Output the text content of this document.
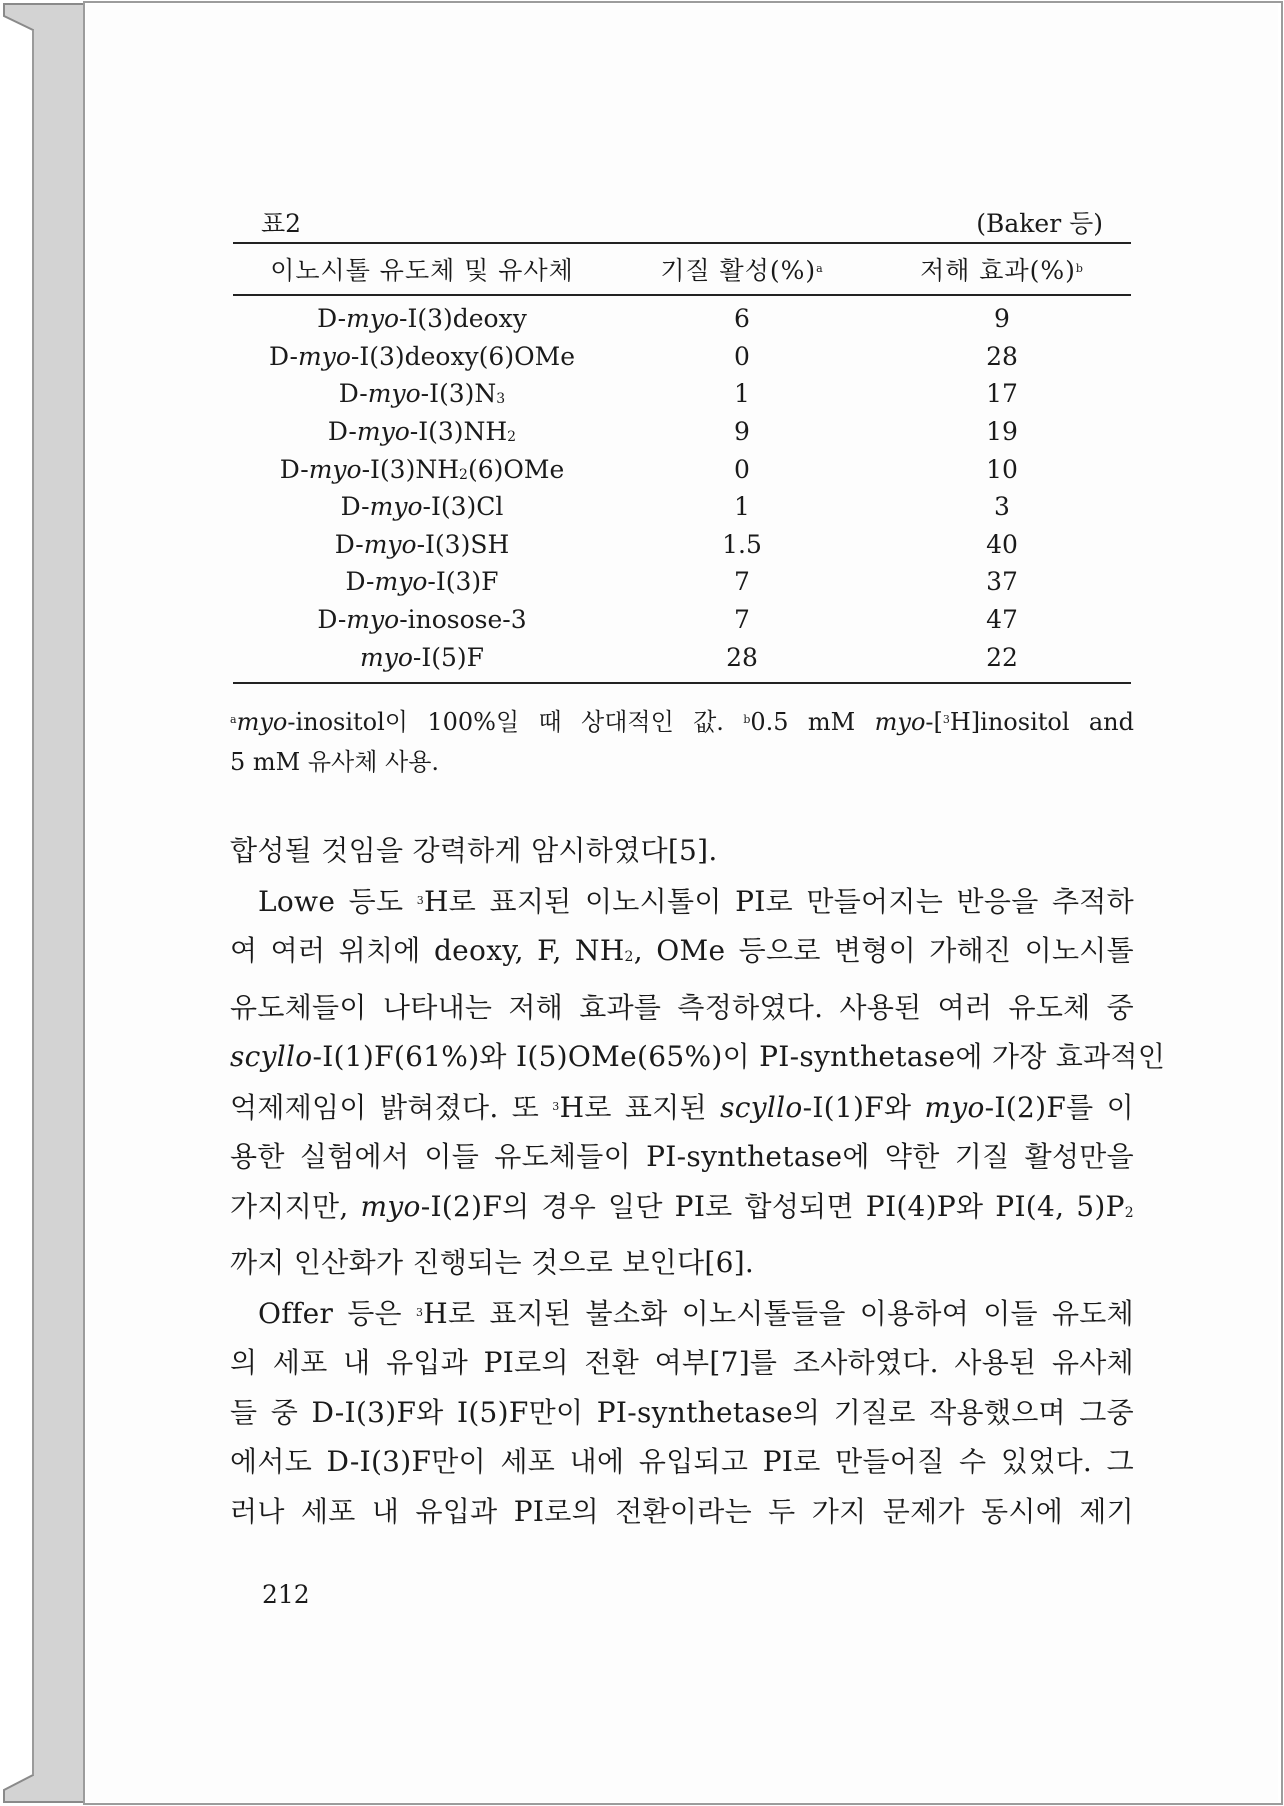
표2	(Baker 등)
이노시톨 유도체 및 유사체	기질 활성(%)$^a$	저해 효과(%)$^b$
D-myo-I(3)deoxy	6	9
D-myo-I(3)deoxy(6)OMe	0	28
$D-myo-I(3)N_3$	1	17
$D-myo-I(3)NH_2$	9	19
$D-myo-I(3)NH_2(6)OMe$	0	10
D-myo-I(3)Cl	1	3
D-myo-I(3)SH	1.5	40
D-myo-I(3)F	7	37
D-myo-inosose-3	7	47
myo-I(5)F	28	22
$^a$myo-inositol이 100%일 때 상대적인 값. $^b$0.5 mM myo-[$^3$H]inositol and
5 mM 유사체 사용.

합성될 것임을 강력하게 암시하였다[5].

Lowe 등도 $^3$H로 표지된 이노시톨이 PI로 만들어지는 반응을 추적하
여 여러 위치에 deoxy, F, $NH_2$, OMe 등으로 변형이 가해진 이노시톨
유도체들이 나타내는 저해 효과를 측정하였다. 사용된 여러 유도체 중
scyllo-I(1)F(61%)와 I(5)OMe(65%)이 PI-synthetase에 가장 효과적인
억제제임이 밝혀졌다. 또 $^3$H로 표지된 scyllo-I(1)F와 myo-I(2)F를 이
용한 실험에서 이들 유도체들이 PI-synthetase에 약한 기질 활성만을
가지지만, myo-I(2)F의 경우 일단 PI로 합성되면 PI(4)P와 PI(4, $5)P_2$
까지 인산화가 진행되는 것으로 보인다[6].

Offer 등은 $^3$H로 표지된 불소화 이노시톨들을 이용하여 이들 유도체
의 세포 내 유입과 PI로의 전환 여부[7]를 조사하였다. 사용된 유사체
들 중 D-I(3)F와 I(5)F만이 PI-synthetase의 기질로 작용했으며 그중
에서도 D-I(3)F만이 세포 내에 유입되고 PI로 만들어질 수 있었다. 그
러나 세포 내 유입과 PI로의 전환이라는 두 가지 문제가 동시에 제기

212
